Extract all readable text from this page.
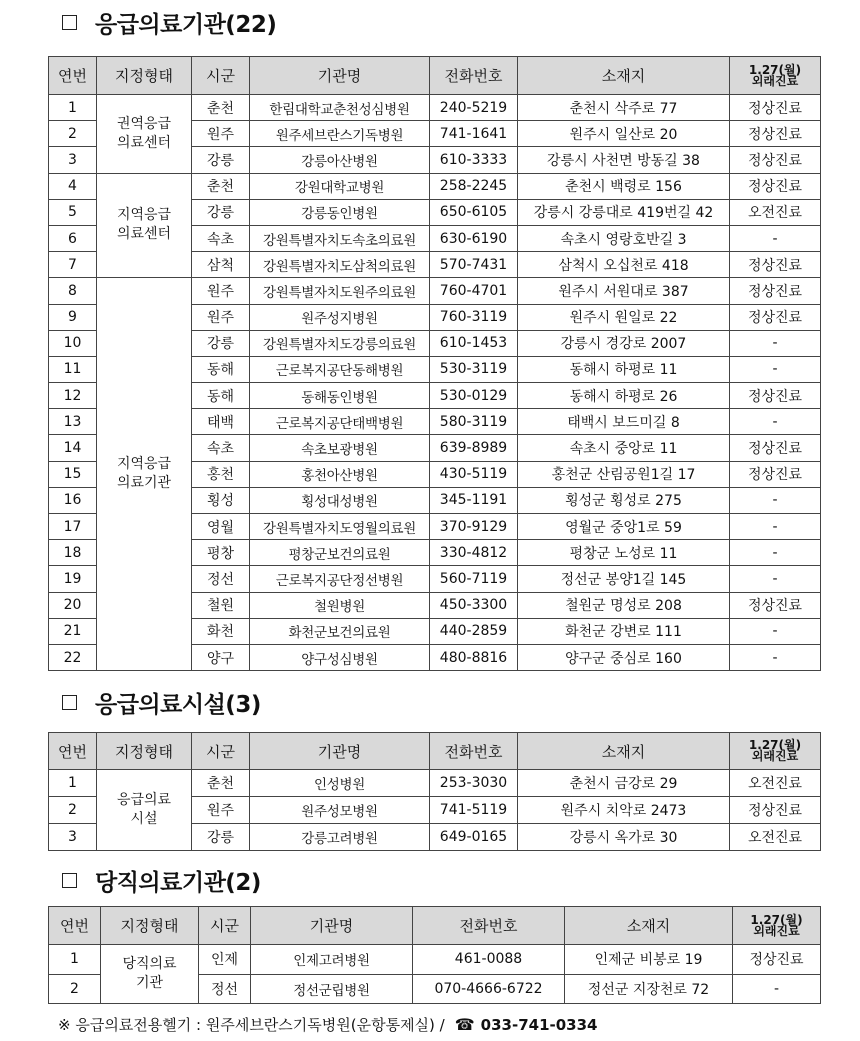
응급의료기관(22)
연번	지정형태	시군	기관명	전화번호	소재지	1.27(월)
외래진료

1	권역응급
의료센터	춘천	한림대학교춘천성심병원	240-5219	춘천시 삭주로 77	정상진료
2		원주	원주세브란스기독병원	741-1641	원주시 일산로 20	정상진료
3		강릉	강릉아산병원	610-3333	강릉시 사천면 방동길 38	정상진료
4	지역응급
의료센터	춘천	강원대학교병원	258-2245	춘천시 백령로 156	정상진료
5		강릉	강릉동인병원	650-6105	강릉시 강릉대로 419번길 42	오전진료
6		속초	강원특별자치도속초의료원	630-6190	속초시 영랑호반길 3	-
7		삼척	강원특별자치도삼척의료원	570-7431	삼척시 오십천로 418	정상진료
8	지역응급
의료기관	원주	강원특별자치도원주의료원	760-4701	원주시 서원대로 387	정상진료
9		원주	원주성지병원	760-3119	원주시 원일로 22	정상진료
10		강릉	강원특별자치도강릉의료원	610-1453	강릉시 경강로 2007	-
11		동해	근로복지공단동해병원	530-3119	동해시 하평로 11	-
12		동해	동해동인병원	530-0129	동해시 하평로 26	정상진료
13		태백	근로복지공단태백병원	580-3119	태백시 보드미길 8	-
14		속초	속초보광병원	639-8989	속초시 중앙로 11	정상진료
15		홍천	홍천아산병원	430-5119	홍천군 산림공원1길 17	정상진료
16		횡성	횡성대성병원	345-1191	횡성군 횡성로 275	-
17		영월	강원특별자치도영월의료원	370-9129	영월군 중앙1로 59	-
18		평창	평창군보건의료원	330-4812	평창군 노성로 11	-
19		정선	근로복지공단정선병원	560-7119	정선군 봉양1길 145	-
20		철원	철원병원	450-3300	철원군 명성로 208	정상진료
21		화천	화천군보건의료원	440-2859	화천군 강변로 111	-
22		양구	양구성심병원	480-8816	양구군 중심로 160	-
응급의료시설(3)
연번	지정형태	시군	기관명	전화번호	소재지	1.27(월)
외래진료

1	응급의료
시설	춘천	인성병원	253-3030	춘천시 금강로 29	오전진료
2		원주	원주성모병원	741-5119	원주시 치악로 2473	정상진료
3		강릉	강릉고려병원	649-0165	강릉시 옥가로 30	오전진료
당직의료기관(2)
연번	지정형태	시군	기관명	전화번호	소재지	1.27(월)
외래진료

1	당직의료
기관	인제	인제고려병원	461-0088	인제군 비봉로 19	정상진료
2		정선	정선군립병원	070-4666-6722	정선군 지장천로 72	-
※ 응급의료전용헬기 : 원주세브란스기독병원(운항통제실) / ☎ 033-741-0334
